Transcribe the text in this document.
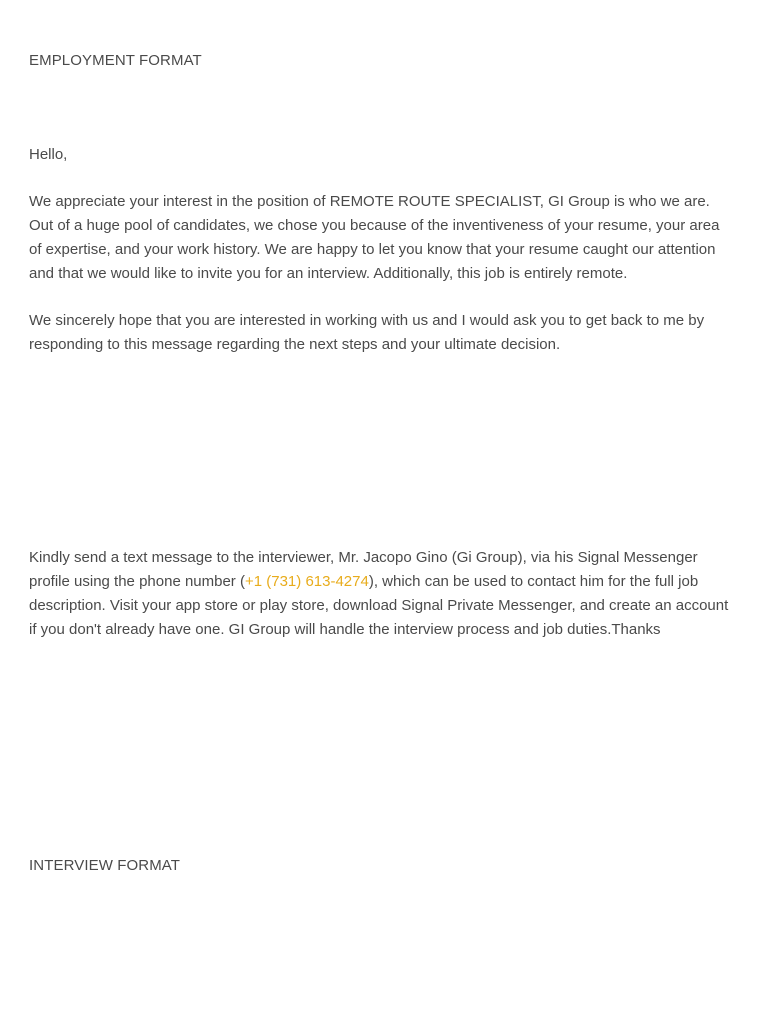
EMPLOYMENT FORMAT

Hello,

We appreciate your interest in the position of REMOTE ROUTE SPECIALIST, GI Group is who we are. Out of a huge pool of candidates, we chose you because of the inventiveness of your resume, your area of expertise, and your work history. We are happy to let you know that your resume caught our attention and that we would like to invite you for an interview. Additionally, this job is entirely remote.

We sincerely hope that you are interested in working with us and I would ask you to get back to me by responding to this message regarding the next steps and your ultimate decision.

Kindly send a text message to the interviewer, Mr. Jacopo Gino (Gi Group), via his Signal Messenger profile using the phone number (+1 (731) 613-4274), which can be used to contact him for the full job description. Visit your app store or play store, download Signal Private Messenger, and create an account if you don't already have one. GI Group will handle the interview process and job duties.Thanks

INTERVIEW FORMAT
